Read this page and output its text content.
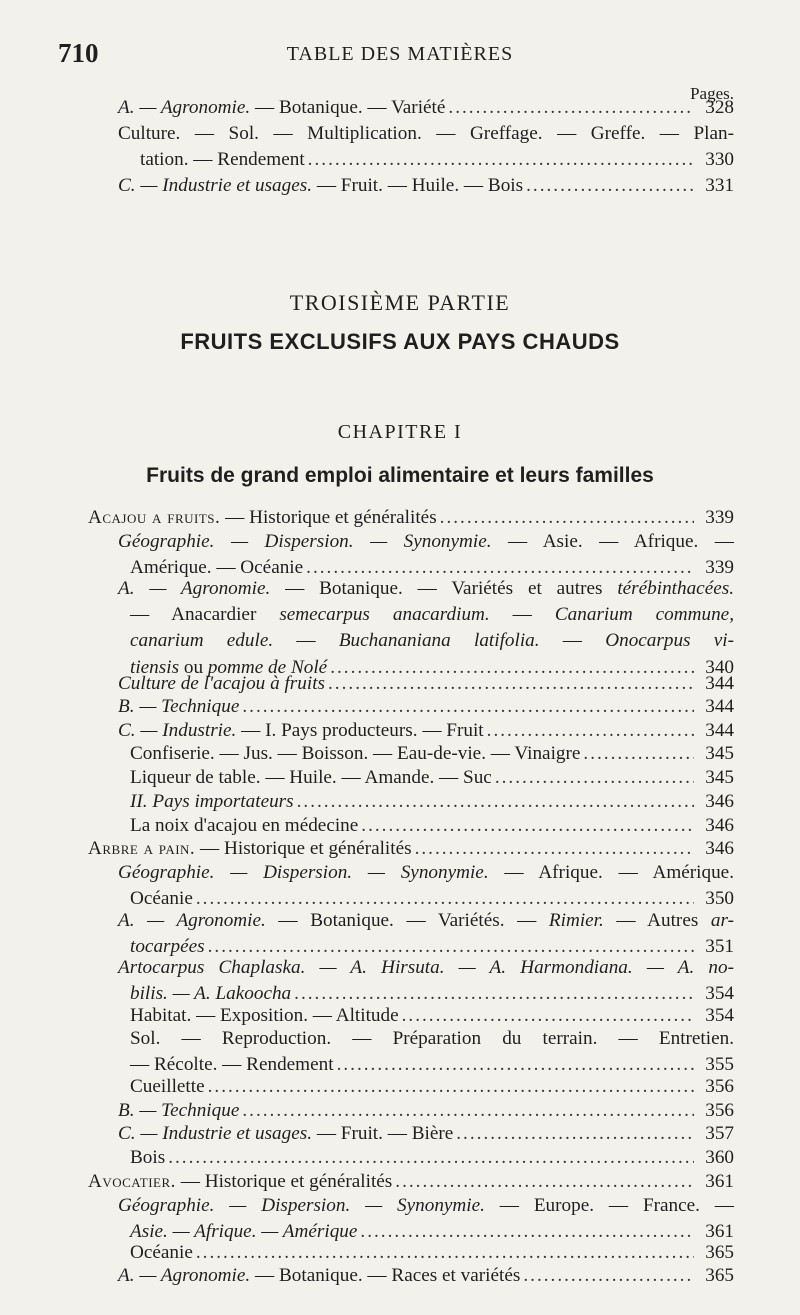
710	TABLE DES MATIÈRES
Pages.
TROISIÈME PARTIE
FRUITS EXCLUSIFS AUX PAYS CHAUDS
CHAPITRE I
Fruits de grand emploi alimentaire et leurs familles
A. — Agronomie. — Botanique. — Variété .....	328
Culture. — Sol. — Multiplication. — Greffage. — Greffe. — Plan-
tation. — Rendement .....	330
C. — Industrie et usages. — Fruit. — Huile. — Bois .....	331
Acajou a fruits. — Historique et généralités .....	339
Géographie. — Dispersion. — Synonymie. — Asie. — Afrique. —
Amérique. — Océanie .....	339
A. — Agronomie. — Botanique. — Variétés et autres térébinthacées.
— Anacardier semecarpus anacardium. — Canarium commune,
canarium edule. — Buchananiana latifolia. — Onocarpus vi-
tiensis ou pomme de Nolé .....	340
Culture de l'acajou à fruits .....	344
B. — Technique .....	344
C. — Industrie. — I. Pays producteurs. — Fruit .....	344
Confiserie. — Jus. — Boisson. — Eau-de-vie. — Vinaigre .....	345
Liqueur de table. — Huile. — Amande. — Suc .....	345
II. Pays importateurs .....	346
La noix d'acajou en médecine .....	346
Arbre a pain. — Historique et généralités .....	346
Géographie. — Dispersion. — Synonymie. — Afrique. — Amérique.
Océanie .....	350
A. — Agronomie. — Botanique. — Variétés. — Rimier. — Autres ar-
tocarpées .....	351
Artocarpus Chaplaska. — A. Hirsuta. — A. Harmondiana. — A. no-
bilis. — A. Lakoocha .....	354
Habitat. — Exposition. — Altitude .....	354
Sol. — Reproduction. — Préparation du terrain. — Entretien.
— Récolte. — Rendement .....	355
Cueillette .....	356
B. — Technique .....	356
C. — Industrie et usages. — Fruit. — Bière .....	357
Bois .....	360
Avocatier. — Historique et généralités .....	361
Géographie. — Dispersion. — Synonymie. — Europe. — France. —
Asie. — Afrique. — Amérique .....	361
Océanie .....	365
A. — Agronomie. — Botanique. — Races et variétés .....	365
